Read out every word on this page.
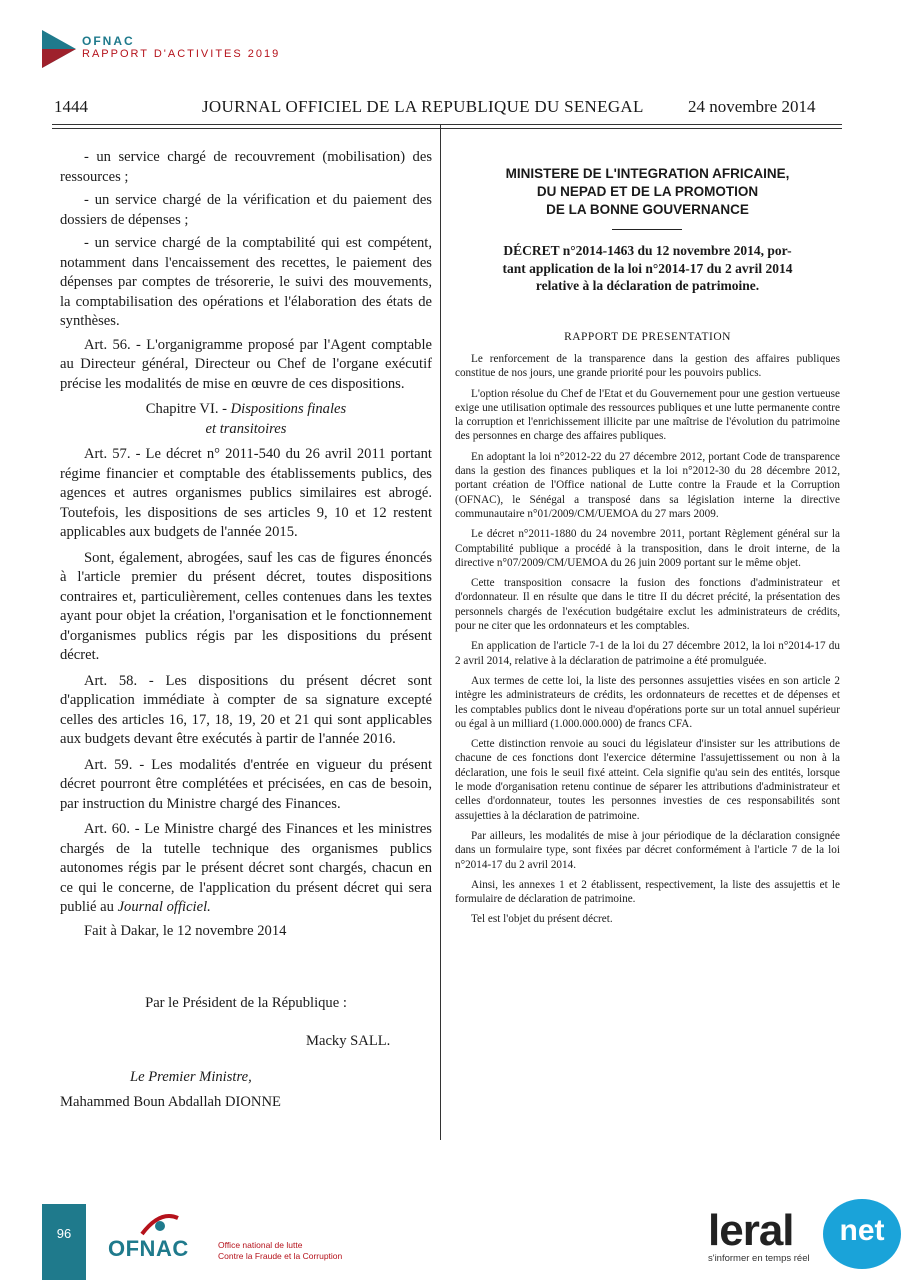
OFNAC
RAPPORT D'ACTIVITES 2019
1444	JOURNAL OFFICIEL DE LA REPUBLIQUE DU SENEGAL	24 novembre 2014

- un service chargé de recouvrement (mobilisation) des ressources ;

- un service chargé de la vérification et du paiement des dossiers de dépenses ;

- un service chargé de la comptabilité qui est compétent, notamment dans l'encaissement des recettes, le paiement des dépenses par comptes de trésorerie, le suivi des mouvements, la comptabilisation des opérations et l'élaboration des états de synthèses.

Art. 56. - L'organigramme proposé par l'Agent comptable au Directeur général, Directeur ou Chef de l'organe exécutif précise les modalités de mise en œuvre de ces dispositions.

Chapitre VI. - Dispositions finales
et transitoires

Art. 57. - Le décret n° 2011-540 du 26 avril 2011 portant régime financier et comptable des établissements publics, des agences et autres organismes publics similaires est abrogé. Toutefois, les dispositions de ses articles 9, 10 et 12 restent applicables aux budgets de l'année 2015.

Sont, également, abrogées, sauf les cas de figures énoncés à l'article premier du présent décret, toutes dispositions contraires et, particulièrement, celles contenues dans les textes ayant pour objet la création, l'organisation et le fonctionnement d'organismes publics régis par les dispositions du présent décret.

Art. 58. - Les dispositions du présent décret sont d'application immédiate à compter de sa signature excepté celles des articles 16, 17, 18, 19, 20 et 21 qui sont applicables aux budgets devant être exécutés à partir de l'année 2016.

Art. 59. - Les modalités d'entrée en vigueur du présent décret pourront être complétées et précisées, en cas de besoin, par instruction du Ministre chargé des Finances.

Art. 60. - Le Ministre chargé des Finances et les ministres chargés de la tutelle technique des organismes publics autonomes régis par le présent décret sont chargés, chacun en ce qui le concerne, de l'application du présent décret qui sera publié au Journal officiel.

Fait à Dakar, le 12 novembre 2014

Par le Président de la République :
Macky SALL.
Le Premier Ministre,
Mahammed Boun Abdallah DIONNE
MINISTERE DE L'INTEGRATION AFRICAINE,
DU NEPAD ET DE LA PROMOTION
DE LA BONNE GOUVERNANCE
DÉCRET n°2014-1463 du 12 novembre 2014, por-
tant application de la loi n°2014-17 du 2 avril 2014
relative à la déclaration de patrimoine.
RAPPORT DE PRESENTATION

Le renforcement de la transparence dans la gestion des affaires publiques constitue de nos jours, une grande priorité pour les pouvoirs publics.

L'option résolue du Chef de l'Etat et du Gouvernement pour une gestion vertueuse exige une utilisation optimale des ressources publiques et une lutte permanente contre la corruption et l'enrichissement illicite par une maîtrise de l'évolution du patrimoine des personnes en charge des affaires publiques.

En adoptant la loi n°2012-22 du 27 décembre 2012, portant Code de transparence dans la gestion des finances publiques et la loi n°2012-30 du 28 décembre 2012, portant création de l'Office national de Lutte contre la Fraude et la Corruption (OFNAC), le Sénégal a transposé dans sa législation interne la directive communautaire n°01/2009/CM/UEMOA du 27 mars 2009.

Le décret n°2011-1880 du 24 novembre 2011, portant Règlement général sur la Comptabilité publique a procédé à la transposition, dans le droit interne, de la directive n°07/2009/CM/UEMOA du 26 juin 2009 portant sur le même objet.

Cette transposition consacre la fusion des fonctions d'administrateur et d'ordonnateur. Il en résulte que dans le titre II du décret précité, la présentation des personnels chargés de l'exécution budgétaire exclut les administrateurs de crédits, pour ne citer que les ordonnateurs et les comptables.

En application de l'article 7-1 de la loi du 27 décembre 2012, la loi n°2014-17 du 2 avril 2014, relative à la déclaration de patrimoine a été promulguée.

Aux termes de cette loi, la liste des personnes assujetties visées en son article 2 intègre les administrateurs de crédits, les ordonnateurs de recettes et de dépenses et les comptables publics dont le niveau d'opérations porte sur un total annuel supérieur ou égal à un milliard (1.000.000.000) de francs CFA.

Cette distinction renvoie au souci du législateur d'insister sur les attributions de chacune de ces fonctions dont l'exercice détermine l'assujettissement ou non à la déclaration, une fois le seuil fixé atteint. Cela signifie qu'au sein des entités, lorsque le mode d'organisation retenu continue de séparer les attributions d'administrateur et celles d'ordonnateur, toutes les personnes investies de ces responsabilités sont assujetties à la déclaration de patrimoine.

Par ailleurs, les modalités de mise à jour périodique de la déclaration consignée dans un formulaire type, sont fixées par décret conformément à l'article 7 de la loi n°2014-17 du 2 avril 2014.

Ainsi, les annexes 1 et 2 établissent, respectivement, la liste des assujettis et le formulaire de déclaration de patrimoine.

Tel est l'objet du présent décret.

96
OFNAC	Office national de lutte
Contre la Fraude et la Corruption
leral	net
s'informer en temps réel
